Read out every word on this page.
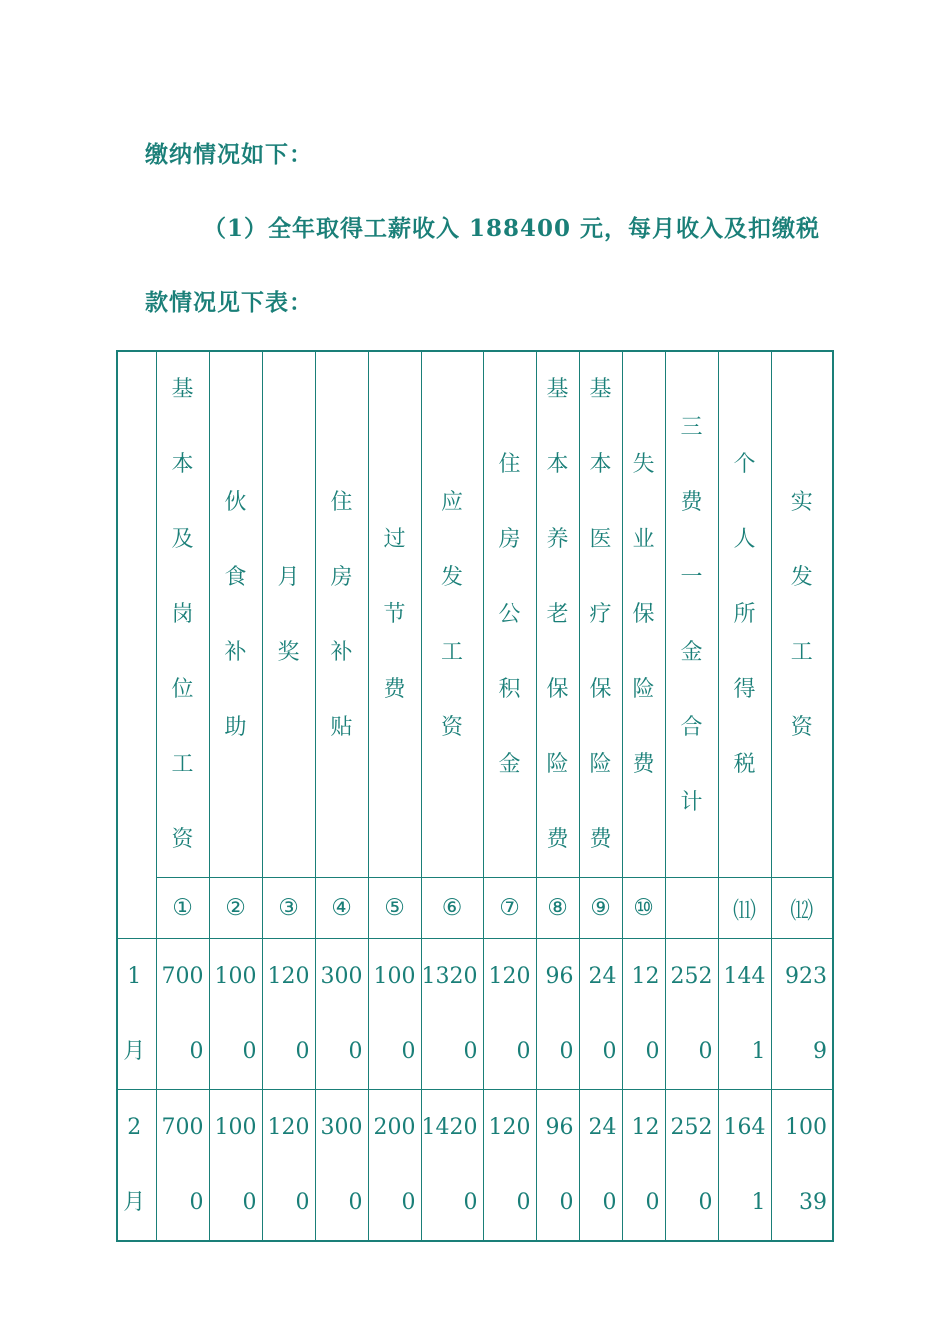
缴纳情况如下：
（1）全年取得工薪收入 188400 元，每月收入及扣缴税
款情况见下表：
	基本及岗位工资	伙食补助	月奖	住房补贴	过节费	应发工资	住房公积金	基本养老保险费	基本医疗保险费	失业保险费	三费一金合计	个人所得税	实发工资
	①	②	③	④	⑤	⑥	⑦	⑧	⑨	⑩		⑾	⑿

1月	7000	1000	1200	3000	1000	13200	1200	960	240	120	2520	1441	9239

2月	7000	1000	1200	3000	2000	14200	1200	960	240	120	2520	1641	10039
